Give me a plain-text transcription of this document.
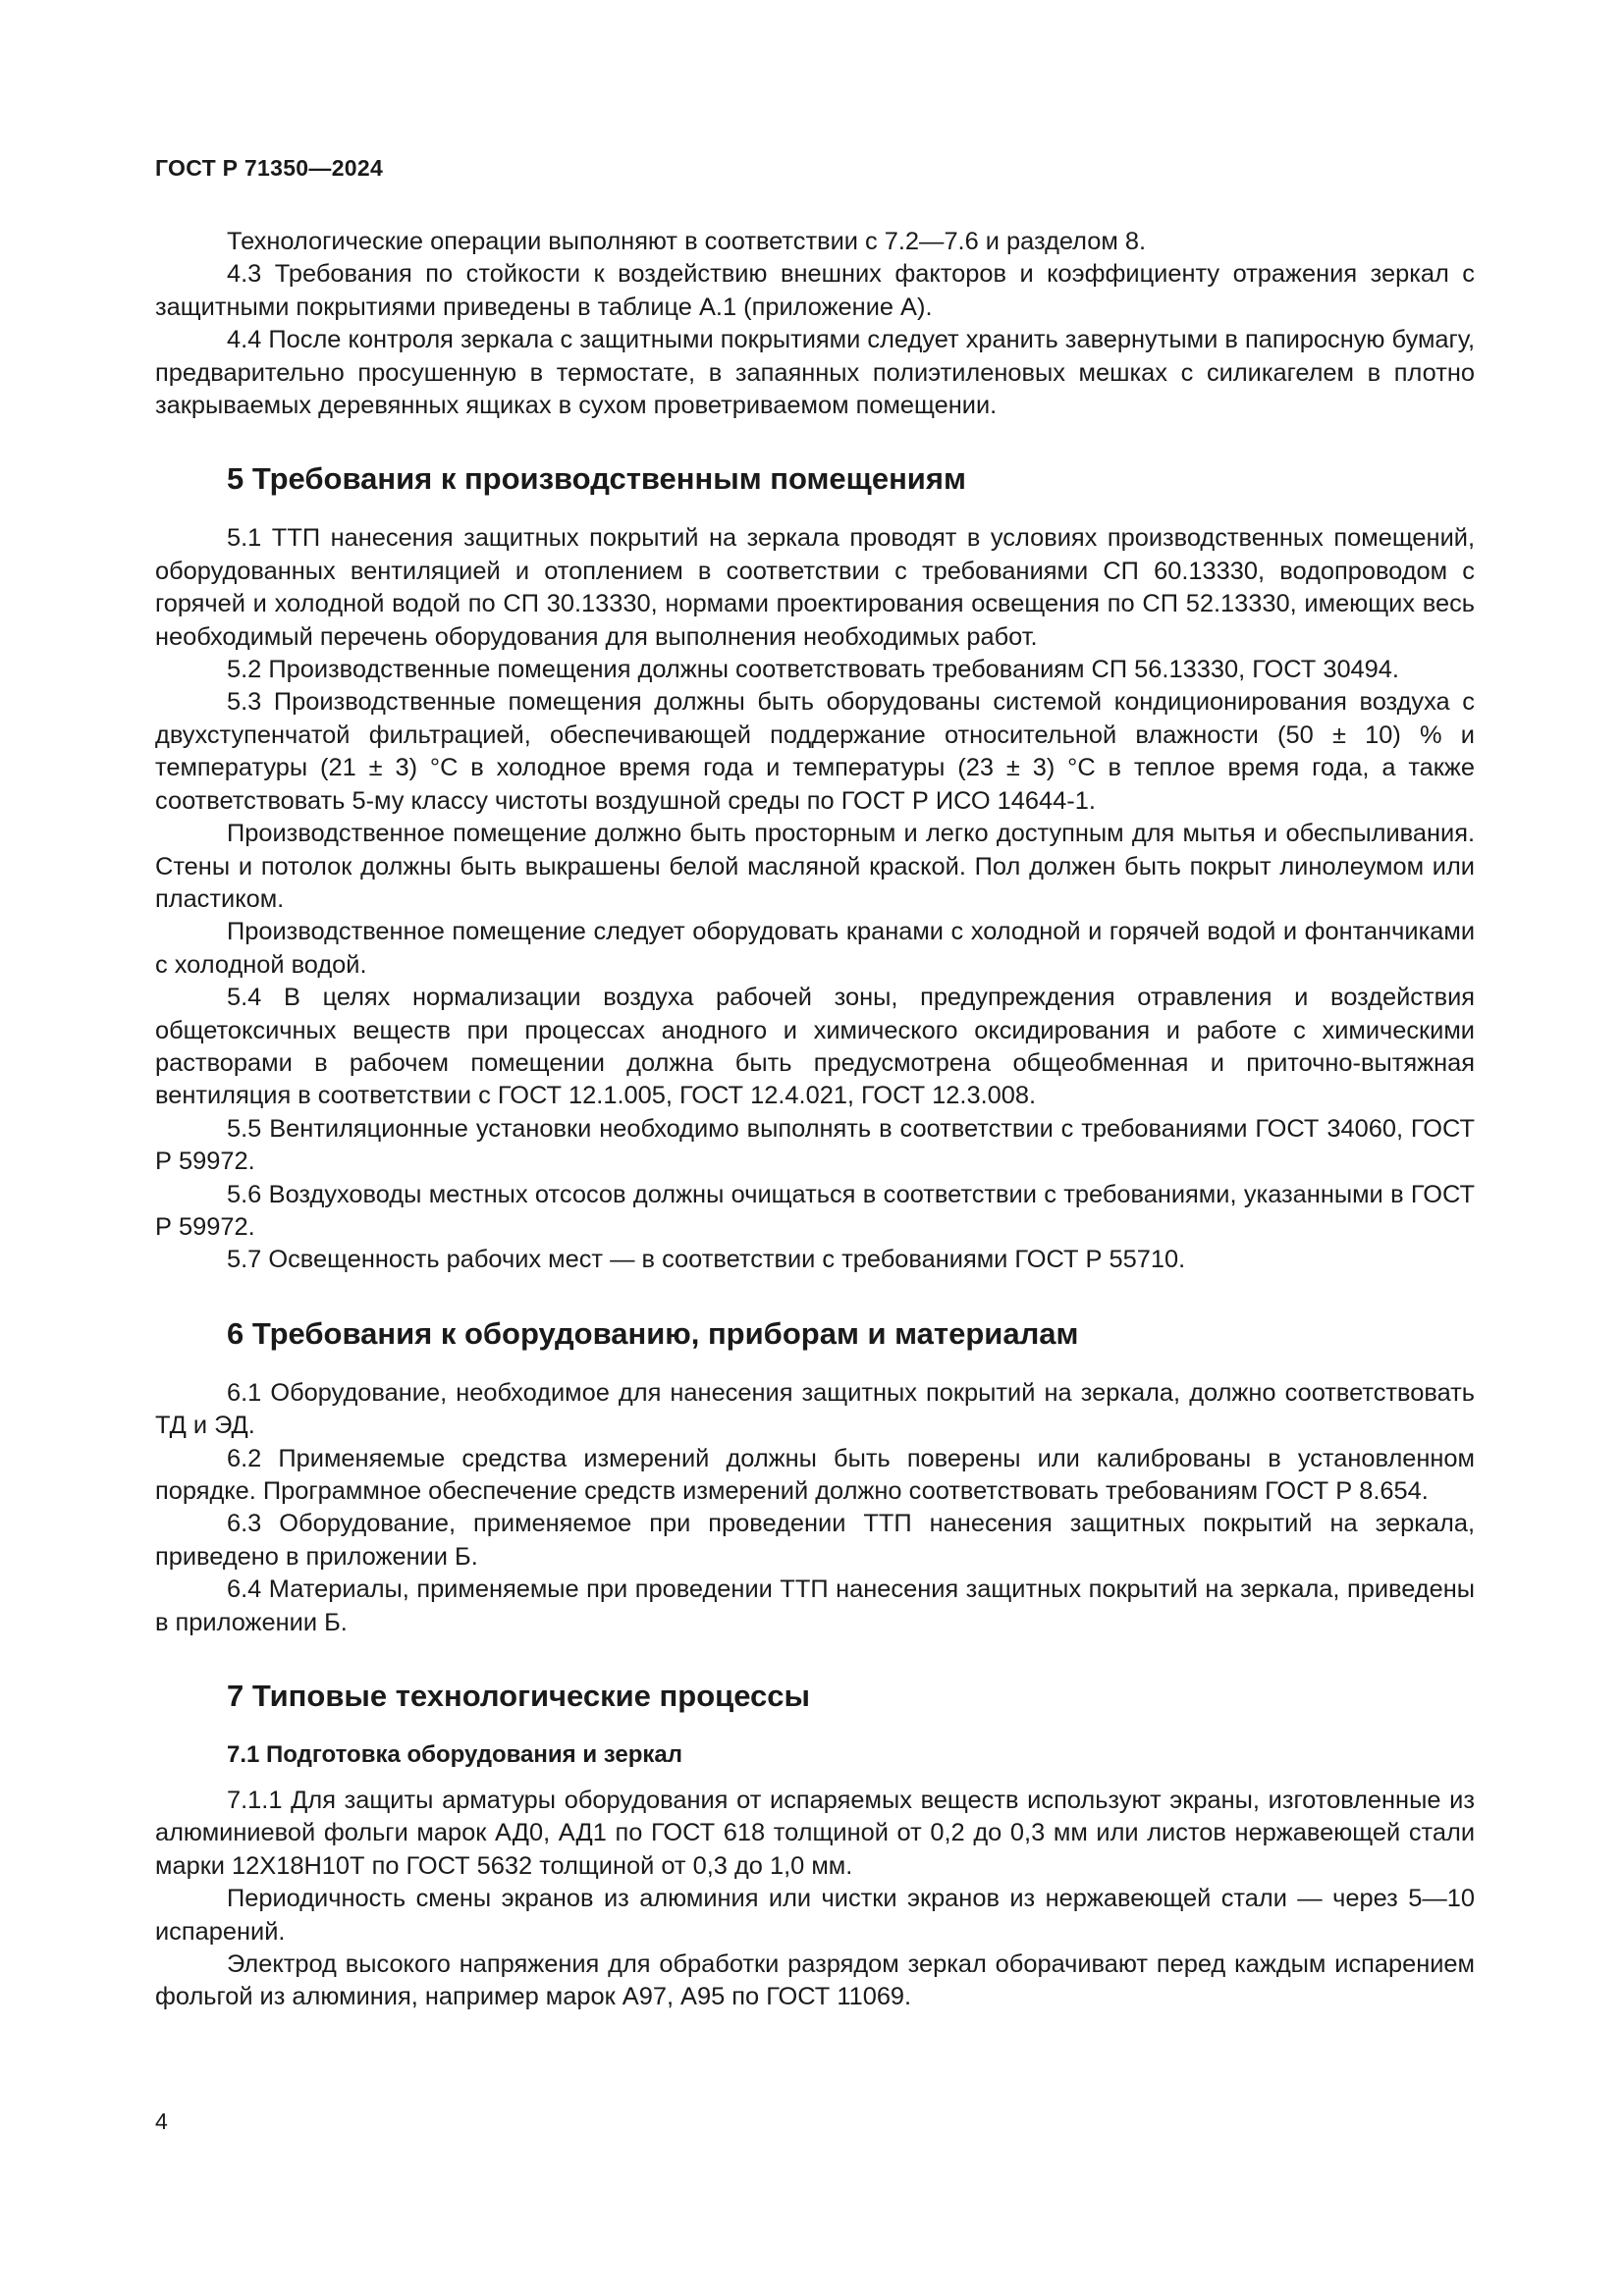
ГОСТ Р 71350—2024

Технологические операции выполняют в соответствии с 7.2—7.6 и разделом 8.

4.3 Требования по стойкости к воздействию внешних факторов и коэффициенту отражения зеркал с защитными покрытиями приведены в таблице А.1 (приложение А).

4.4 После контроля зеркала с защитными покрытиями следует хранить завернутыми в папиросную бумагу, предварительно просушенную в термостате, в запаянных полиэтиленовых мешках с силикагелем в плотно закрываемых деревянных ящиках в сухом проветриваемом помещении.

5 Требования к производственным помещениям

5.1 ТТП нанесения защитных покрытий на зеркала проводят в условиях производственных помещений, оборудованных вентиляцией и отоплением в соответствии с требованиями СП 60.13330, водопроводом с горячей и холодной водой по СП 30.13330, нормами проектирования освещения по СП 52.13330, имеющих весь необходимый перечень оборудования для выполнения необходимых работ.

5.2 Производственные помещения должны соответствовать требованиям СП 56.13330, ГОСТ 30494.

5.3 Производственные помещения должны быть оборудованы системой кондиционирования воздуха с двухступенчатой фильтрацией, обеспечивающей поддержание относительной влажности (50 ± 10) % и температуры (21 ± 3) °С в холодное время года и температуры (23 ± 3) °С в теплое время года, а также соответствовать 5-му классу чистоты воздушной среды по ГОСТ Р ИСО 14644-1.

Производственное помещение должно быть просторным и легко доступным для мытья и обеспыливания. Стены и потолок должны быть выкрашены белой масляной краской. Пол должен быть покрыт линолеумом или пластиком.

Производственное помещение следует оборудовать кранами с холодной и горячей водой и фонтанчиками с холодной водой.

5.4 В целях нормализации воздуха рабочей зоны, предупреждения отравления и воздействия общетоксичных веществ при процессах анодного и химического оксидирования и работе с химическими растворами в рабочем помещении должна быть предусмотрена общеобменная и приточно-вытяжная вентиляция в соответствии с ГОСТ 12.1.005, ГОСТ 12.4.021, ГОСТ 12.3.008.

5.5 Вентиляционные установки необходимо выполнять в соответствии с требованиями ГОСТ 34060, ГОСТ Р 59972.

5.6 Воздуховоды местных отсосов должны очищаться в соответствии с требованиями, указанными в ГОСТ Р 59972.

5.7 Освещенность рабочих мест — в соответствии с требованиями ГОСТ Р 55710.

6 Требования к оборудованию, приборам и материалам

6.1 Оборудование, необходимое для нанесения защитных покрытий на зеркала, должно соответствовать ТД и ЭД.

6.2 Применяемые средства измерений должны быть поверены или калиброваны в установленном порядке. Программное обеспечение средств измерений должно соответствовать требованиям ГОСТ Р 8.654.

6.3 Оборудование, применяемое при проведении ТТП нанесения защитных покрытий на зеркала, приведено в приложении Б.

6.4 Материалы, применяемые при проведении ТТП нанесения защитных покрытий на зеркала, приведены в приложении Б.

7 Типовые технологические процессы
7.1 Подготовка оборудования и зеркал

7.1.1 Для защиты арматуры оборудования от испаряемых веществ используют экраны, изготовленные из алюминиевой фольги марок АД0, АД1 по ГОСТ 618 толщиной от 0,2 до 0,3 мм или листов нержавеющей стали марки 12Х18Н10Т по ГОСТ 5632 толщиной от 0,3 до 1,0 мм.

Периодичность смены экранов из алюминия или чистки экранов из нержавеющей стали — через 5—10 испарений.

Электрод высокого напряжения для обработки разрядом зеркал оборачивают перед каждым испарением фольгой из алюминия, например марок А97, А95 по ГОСТ 11069.

4
